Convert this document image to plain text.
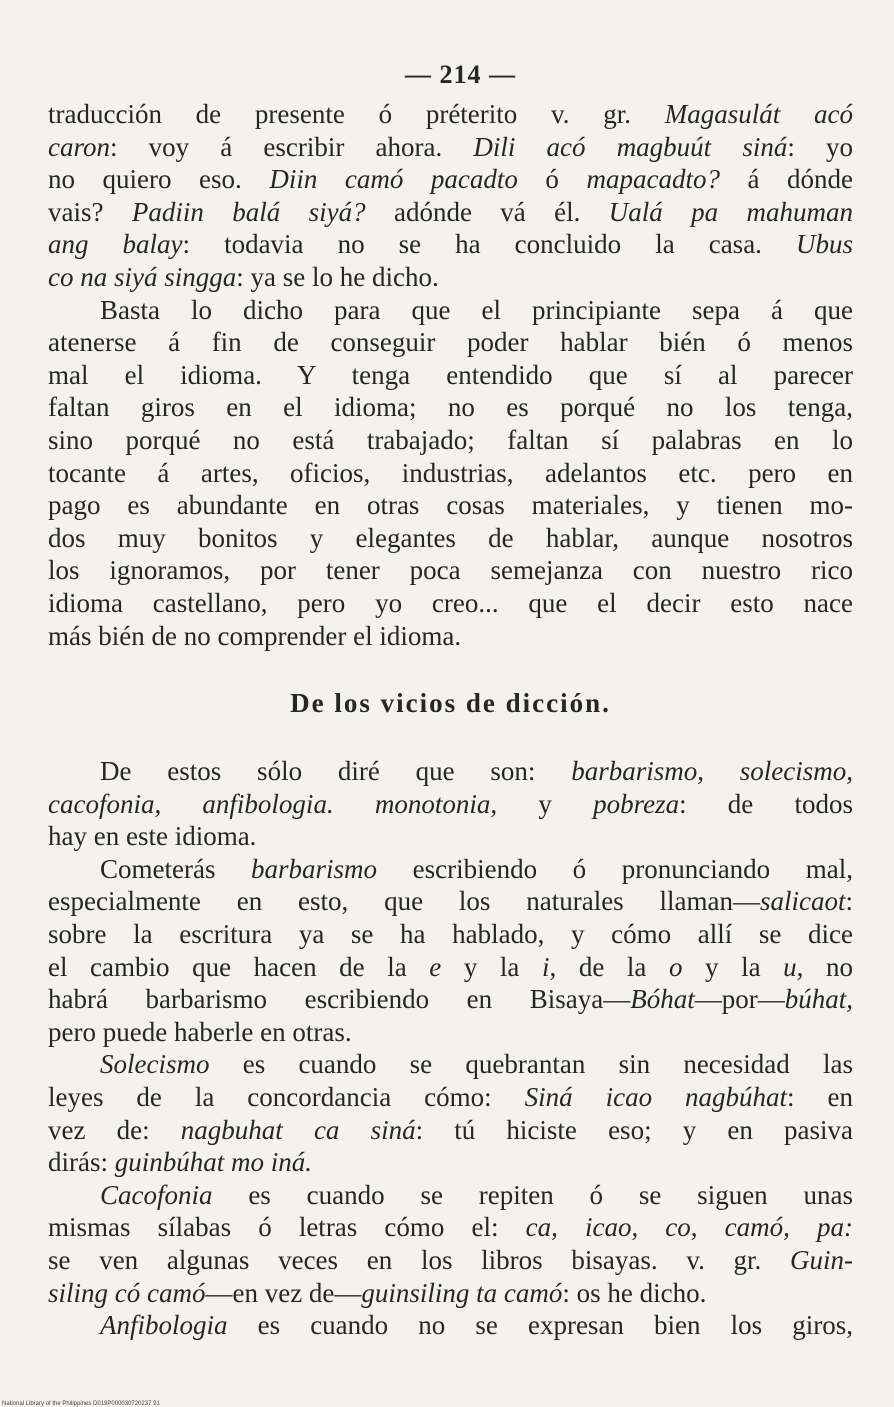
— 214 —
traducción de presente ó préterito v. gr. Magasulát acó
caron: voy á escribir ahora. Dili acó magbuút siná: yo
no quiero eso. Diin camó pacadto ó mapacadto? á dónde
vais? Padiin balá siyá? adónde vá él. Ualá pa mahuman
ang balay: todavia no se ha concluido la casa. Ubus
co na siyá singga: ya se lo he dicho.
Basta lo dicho para que el principiante sepa á que
atenerse á fin de conseguir poder hablar bién ó menos
mal el idioma. Y tenga entendido que sí al parecer
faltan giros en el idioma; no es porqué no los tenga,
sino porqué no está trabajado; faltan sí palabras en lo
tocante á artes, oficios, industrias, adelantos etc. pero en
pago es abundante en otras cosas materiales, y tienen mo-
dos muy bonitos y elegantes de hablar, aunque nosotros
los ignoramos, por tener poca semejanza con nuestro rico
idioma castellano, pero yo creo... que el decir esto nace
más bién de no comprender el idioma.
De los vicios de dicción.
De estos sólo diré que son: barbarismo, solecismo,
cacofonia, anfibologia. monotonia, y pobreza: de todos
hay en este idioma.
Cometerás barbarismo escribiendo ó pronunciando mal,
especialmente en esto, que los naturales llaman—salicaot:
sobre la escritura ya se ha hablado, y cómo allí se dice
el cambio que hacen de la e y la i, de la o y la u, no
habrá barbarismo escribiendo en Bisaya—Bóhat—por—búhat,
pero puede haberle en otras.
Solecismo es cuando se quebrantan sin necesidad las
leyes de la concordancia cómo: Siná icao nagbúhat: en
vez de: nagbuhat ca siná: tú hiciste eso; y en pasiva
dirás: guinbúhat mo iná.
Cacofonia es cuando se repiten ó se siguen unas
mismas sílabas ó letras cómo el: ca, icao, co, camó, pa:
se ven algunas veces en los libros bisayas. v. gr. Guin-
siling có camó—en vez de—guinsiling ta camó: os he dicho.
Anfibologia es cuando no se expresan bien los giros,
National Library of the Philippines D019P000030720237 91
